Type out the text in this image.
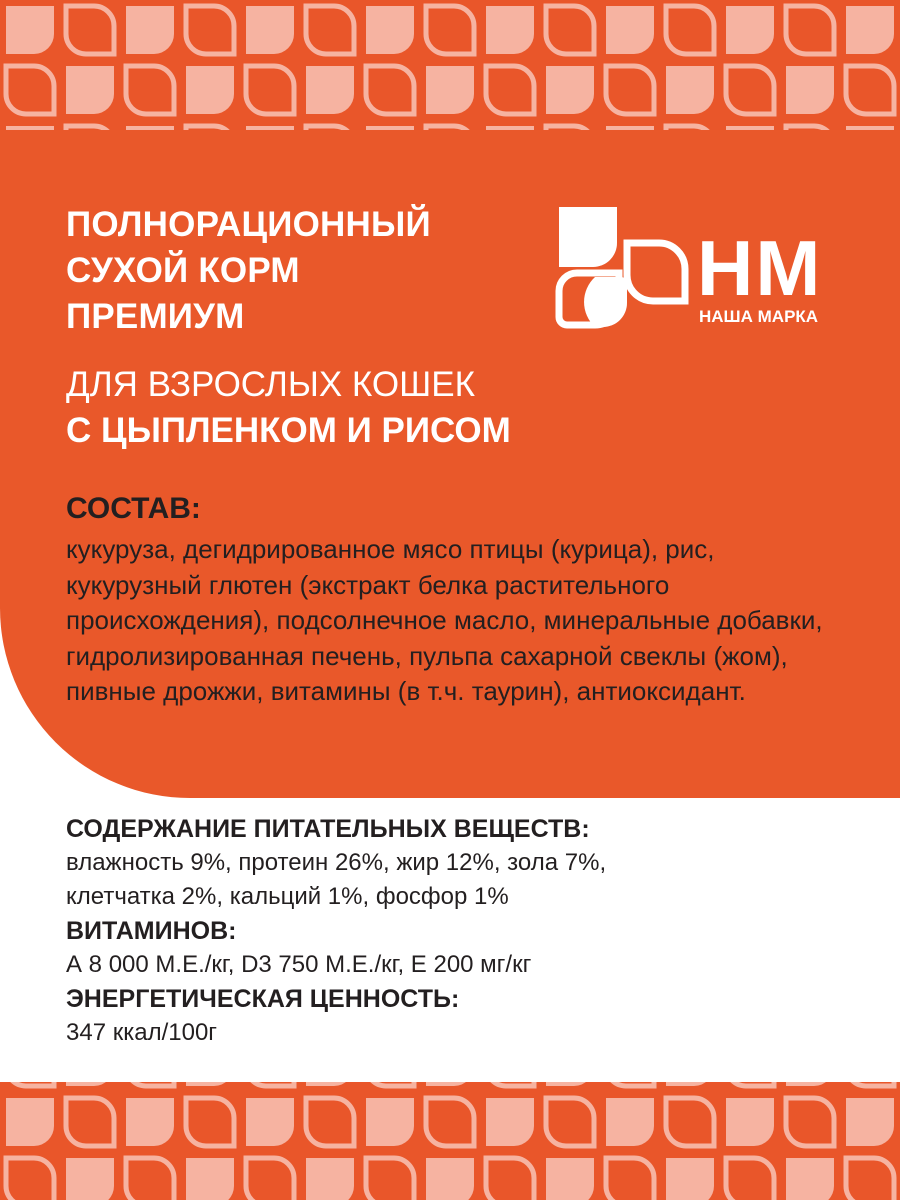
ПОЛНОРАЦИОННЫЙ
СУХОЙ КОРМ
ПРЕМИУМ
ДЛЯ ВЗРОСЛЫХ КОШЕК
С ЦЫПЛЕНКОМ И РИСОМ
НМ
НАША МАРКА
СОСТАВ:
кукуруза, дегидрированное мясо птицы (курица), рис, кукурузный глютен (экстракт белка растительного происхождения), подсолнечное масло, минеральные добавки, гидролизированная печень, пульпа сахарной свеклы (жом), пивные дрожжи, витамины (в т.ч. таурин), антиоксидант.
СОДЕРЖАНИЕ ПИТАТЕЛЬНЫХ ВЕЩЕСТВ:
влажность 9%, протеин 26%, жир 12%, зола 7%,
клетчатка 2%, кальций 1%, фосфор 1%
ВИТАМИНОВ:
А 8 000 М.Е./кг, D3 750 М.Е./кг, Е 200 мг/кг
ЭНЕРГЕТИЧЕСКАЯ ЦЕННОСТЬ:
347 ккал/100г
